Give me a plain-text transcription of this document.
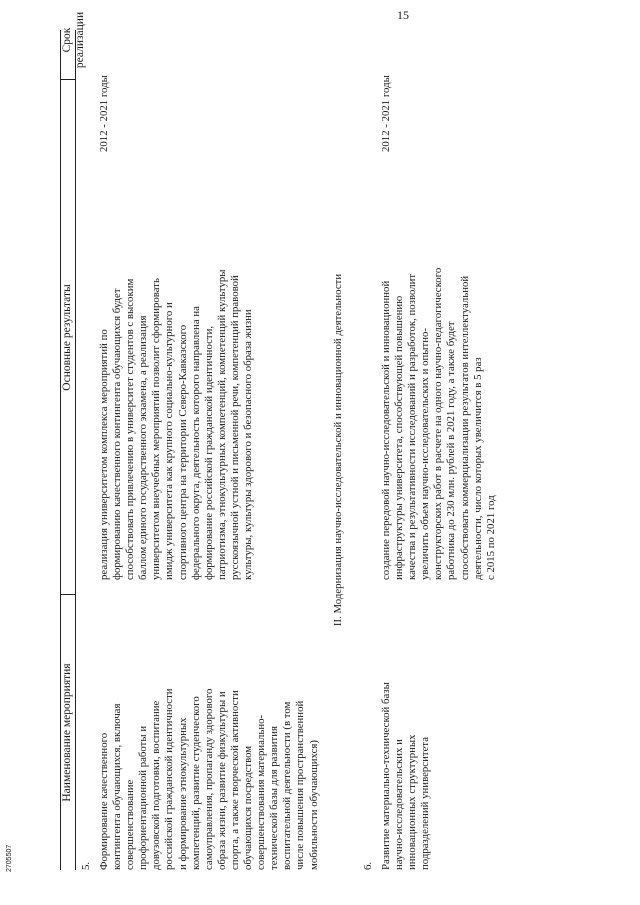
15
Наименование мероприятия
Основные результаты
Срок реализации
5. Формирование качественного
контингента обучающихся, включая
совершенствование
профориентационной работы и
довузовской подготовки, воспитание
российской гражданской идентичности
и формирование этнокультурных
компетенций, развитие студенческого
самоуправления, пропаганду здорового
образа жизни, развитие физкультуры и
спорта, а также творческой активности
обучающихся посредством
совершенствования материально-
технической базы для развития
воспитательной деятельности (в том
числе повышения пространственной
мобильности обучающихся)
реализация университетом комплекса мероприятий по
формированию качественного контингента обучающихся будет
способствовать привлечению в университет студентов с высоким
баллом единого государственного экзамена, а реализация
университетом внеучебных мероприятий позволит сформировать
имидж университета как крупного социально-культурного и
спортивного центра на территории Северо-Кавказского
федерального округа, деятельность которого направлена на
формирование российской гражданской идентичности,
патриотизма, этнокультурных компетенций, компетенций культуры
русскоязычной устной и письменной речи, компетенций правовой
культуры, культуры здорового и безопасного образа жизни
2012 - 2021 годы
II. Модернизация научно-исследовательской и инновационной деятельности
6. Развитие материально-технической базы
научно-исследовательских и
инновационных структурных
подразделений университета
создание передовой научно-исследовательской и инновационной
инфраструктуры университета, способствующей повышению
качества и результативности исследований и разработок, позволит
увеличить объем научно-исследовательских и опытно-
конструкторских работ в расчете на одного научно-педагогического
работника до 230 млн. рублей в 2021 году, а также будет
способствовать коммерциализации результатов интеллектуальной
деятельности, число которых увеличится в 5 раз
с 2015 по 2021 год
2012 - 2021 годы
2705507
